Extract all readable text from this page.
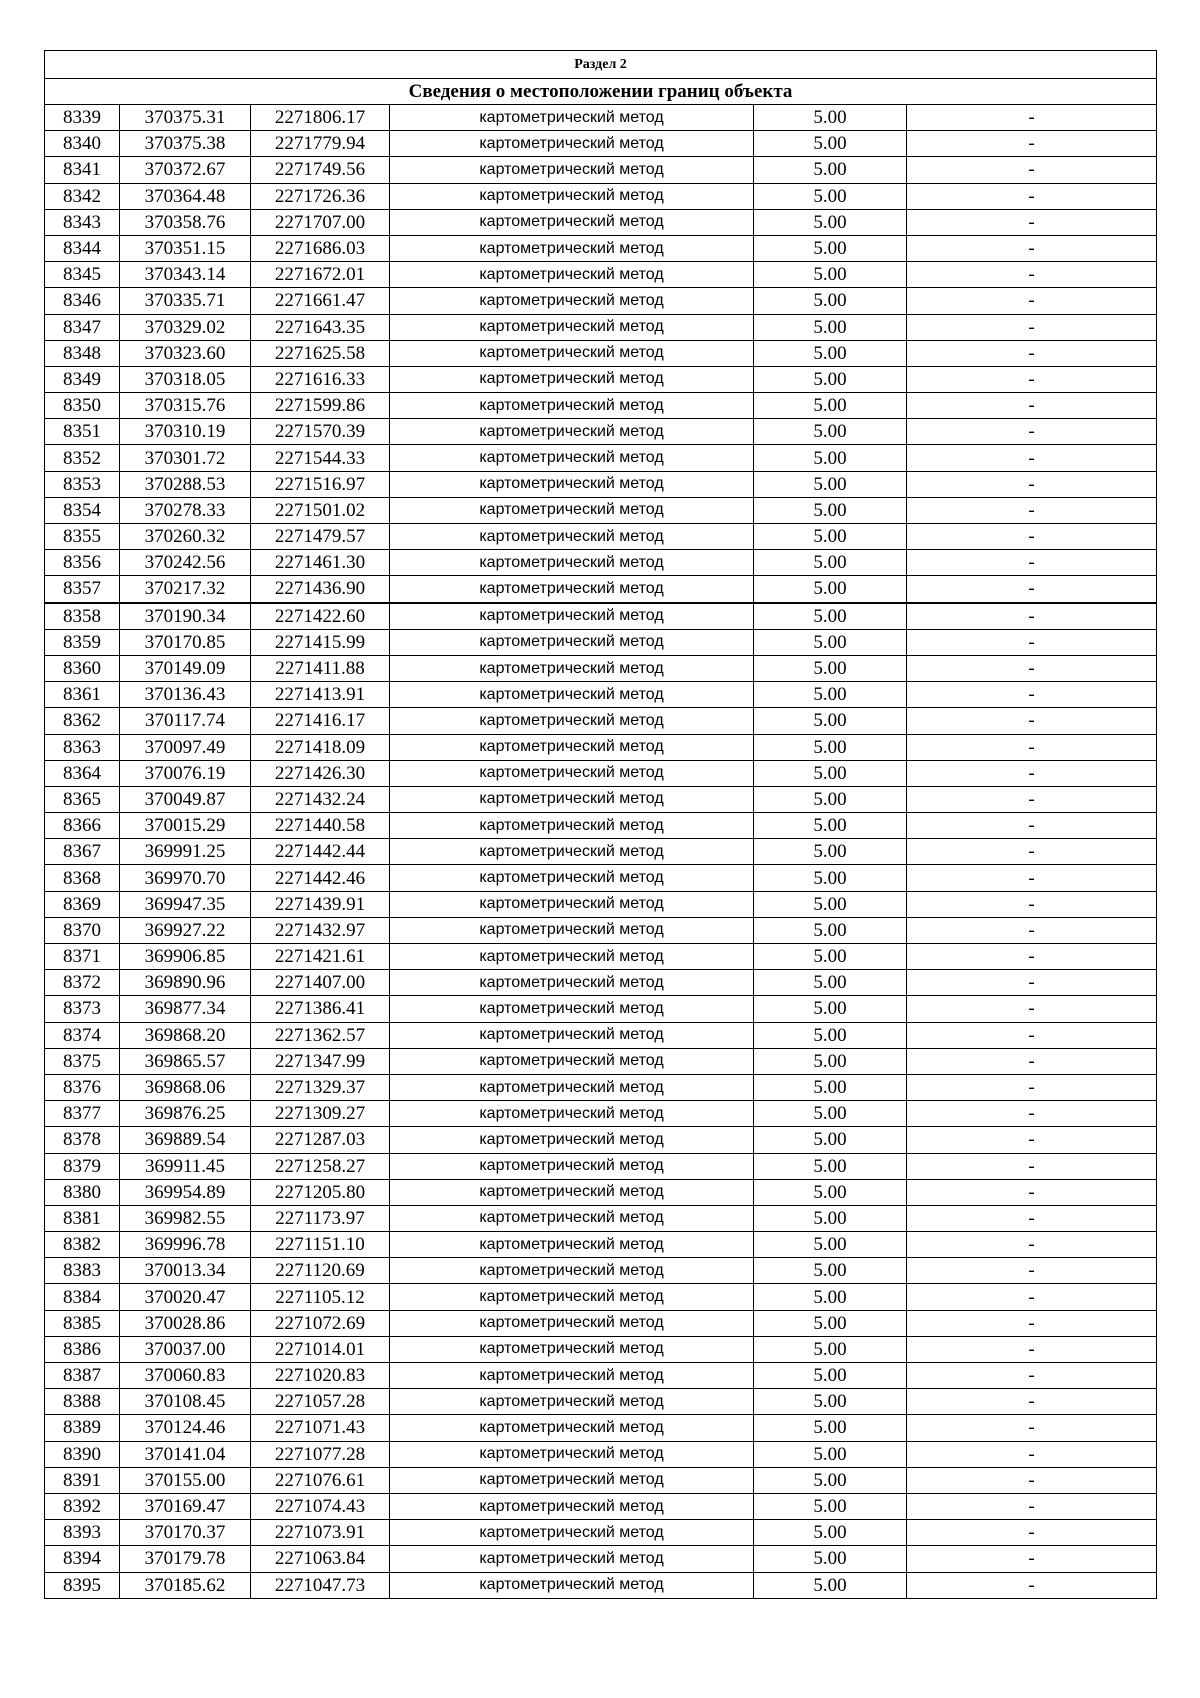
Раздел 2					
Сведения о местоположении границ объекта					
8339	370375.31	2271806.17	картометрический метод	5.00	-
8340	370375.38	2271779.94	картометрический метод	5.00	-
8341	370372.67	2271749.56	картометрический метод	5.00	-
8342	370364.48	2271726.36	картометрический метод	5.00	-
8343	370358.76	2271707.00	картометрический метод	5.00	-
8344	370351.15	2271686.03	картометрический метод	5.00	-
8345	370343.14	2271672.01	картометрический метод	5.00	-
8346	370335.71	2271661.47	картометрический метод	5.00	-
8347	370329.02	2271643.35	картометрический метод	5.00	-
8348	370323.60	2271625.58	картометрический метод	5.00	-
8349	370318.05	2271616.33	картометрический метод	5.00	-
8350	370315.76	2271599.86	картометрический метод	5.00	-
8351	370310.19	2271570.39	картометрический метод	5.00	-
8352	370301.72	2271544.33	картометрический метод	5.00	-
8353	370288.53	2271516.97	картометрический метод	5.00	-
8354	370278.33	2271501.02	картометрический метод	5.00	-
8355	370260.32	2271479.57	картометрический метод	5.00	-
8356	370242.56	2271461.30	картометрический метод	5.00	-
8357	370217.32	2271436.90	картометрический метод	5.00	-
8358	370190.34	2271422.60	картометрический метод	5.00	-
8359	370170.85	2271415.99	картометрический метод	5.00	-
8360	370149.09	2271411.88	картометрический метод	5.00	-
8361	370136.43	2271413.91	картометрический метод	5.00	-
8362	370117.74	2271416.17	картометрический метод	5.00	-
8363	370097.49	2271418.09	картометрический метод	5.00	-
8364	370076.19	2271426.30	картометрический метод	5.00	-
8365	370049.87	2271432.24	картометрический метод	5.00	-
8366	370015.29	2271440.58	картометрический метод	5.00	-
8367	369991.25	2271442.44	картометрический метод	5.00	-
8368	369970.70	2271442.46	картометрический метод	5.00	-
8369	369947.35	2271439.91	картометрический метод	5.00	-
8370	369927.22	2271432.97	картометрический метод	5.00	-
8371	369906.85	2271421.61	картометрический метод	5.00	-
8372	369890.96	2271407.00	картометрический метод	5.00	-
8373	369877.34	2271386.41	картометрический метод	5.00	-
8374	369868.20	2271362.57	картометрический метод	5.00	-
8375	369865.57	2271347.99	картометрический метод	5.00	-
8376	369868.06	2271329.37	картометрический метод	5.00	-
8377	369876.25	2271309.27	картометрический метод	5.00	-
8378	369889.54	2271287.03	картометрический метод	5.00	-
8379	369911.45	2271258.27	картометрический метод	5.00	-
8380	369954.89	2271205.80	картометрический метод	5.00	-
8381	369982.55	2271173.97	картометрический метод	5.00	-
8382	369996.78	2271151.10	картометрический метод	5.00	-
8383	370013.34	2271120.69	картометрический метод	5.00	-
8384	370020.47	2271105.12	картометрический метод	5.00	-
8385	370028.86	2271072.69	картометрический метод	5.00	-
8386	370037.00	2271014.01	картометрический метод	5.00	-
8387	370060.83	2271020.83	картометрический метод	5.00	-
8388	370108.45	2271057.28	картометрический метод	5.00	-
8389	370124.46	2271071.43	картометрический метод	5.00	-
8390	370141.04	2271077.28	картометрический метод	5.00	-
8391	370155.00	2271076.61	картометрический метод	5.00	-
8392	370169.47	2271074.43	картометрический метод	5.00	-
8393	370170.37	2271073.91	картометрический метод	5.00	-
8394	370179.78	2271063.84	картометрический метод	5.00	-
8395	370185.62	2271047.73	картометрический метод	5.00	-
